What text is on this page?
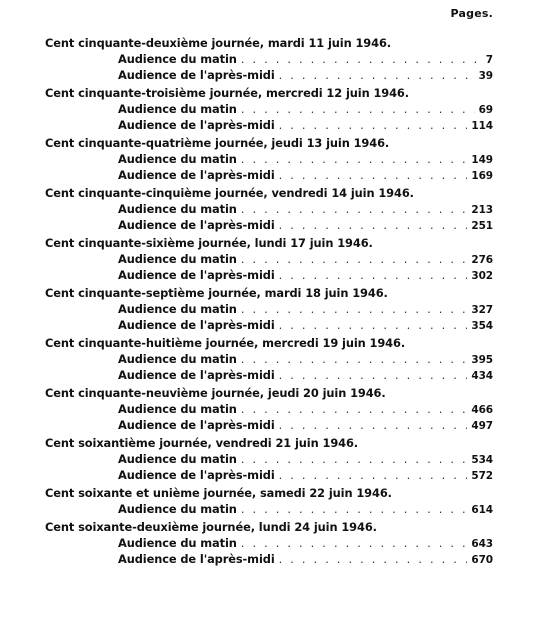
Pages.
Cent cinquante-deuxième journée, mardi 11 juin 1946.
Audience du matin . . .	7
Audience de l'après-midi . . .	39
Cent cinquante-troisième journée, mercredi 12 juin 1946.
Audience du matin . . .	69
Audience de l'après-midi . . .	114
Cent cinquante-quatrième journée, jeudi 13 juin 1946.
Audience du matin . . .	149
Audience de l'après-midi . . .	169
Cent cinquante-cinquième journée, vendredi 14 juin 1946.
Audience du matin . . .	213
Audience de l'après-midi . . .	251
Cent cinquante-sixième journée, lundi 17 juin 1946.
Audience du matin . . .	276
Audience de l'après-midi . . .	302
Cent cinquante-septième journée, mardi 18 juin 1946.
Audience du matin . . .	327
Audience de l'après-midi . . .	354
Cent cinquante-huitième journée, mercredi 19 juin 1946.
Audience du matin . . .	395
Audience de l'après-midi . . .	434
Cent cinquante-neuvième journée, jeudi 20 juin 1946.
Audience du matin . . .	466
Audience de l'après-midi . . .	497
Cent soixantième journée, vendredi 21 juin 1946.
Audience du matin . . .	534
Audience de l'après-midi . . .	572
Cent soixante et unième journée, samedi 22 juin 1946.
Audience du matin . . .	614
Cent soixante-deuxième journée, lundi 24 juin 1946.
Audience du matin . . .	643
Audience de l'après-midi . . .	670
